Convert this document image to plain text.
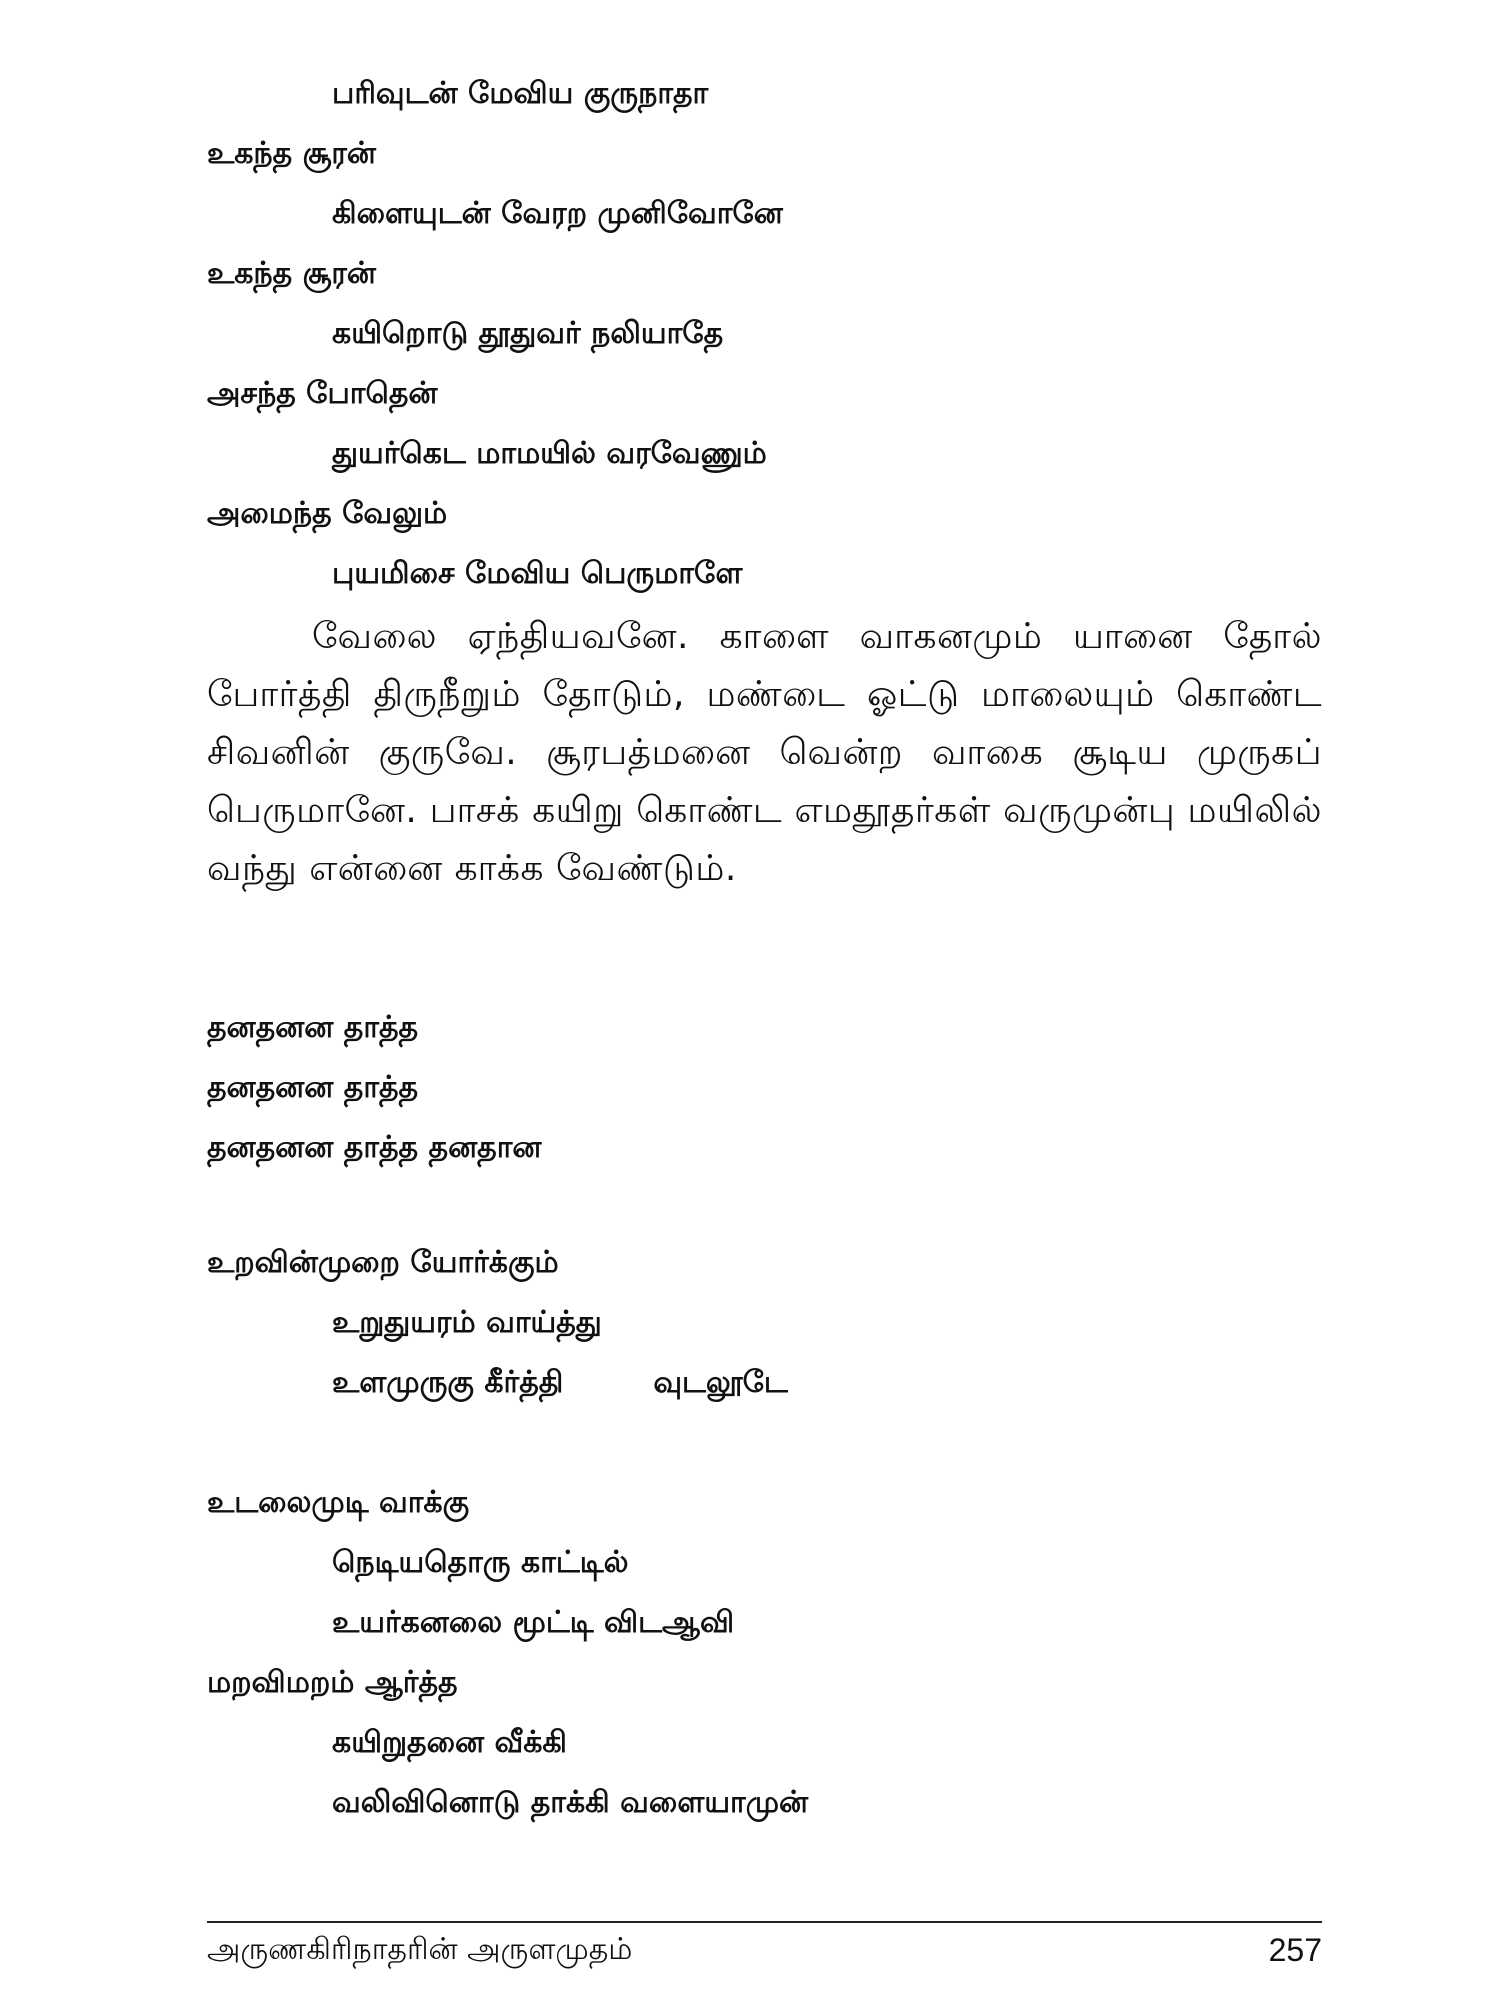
பரிவுடன் மேவிய குருநாதா
உகந்த சூரன்
கிளையுடன் வேரற முனிவோனே
உகந்த சூரன்
கயிறொடு தூதுவர் நலியாதே
அசந்த போதென்
துயர்கெட மாமயில் வரவேணும்
அமைந்த வேலும்
புயமிசை மேவிய பெருமாளே
வேலை ஏந்தியவனே. காளை வாகனமும் யானை தோல் போர்த்தி திருநீறும் தோடும், மண்டை ஓட்டு மாலையும் கொண்ட சிவனின் குருவே. சூரபத்மனை வென்ற வாகை சூடிய முருகப் பெருமானே. பாசக் கயிறு கொண்ட எமதூதர்கள் வருமுன்பு மயிலில் வந்து என்னை காக்க வேண்டும்.
தனதனன தாத்த
தனதனன தாத்த
தனதனன தாத்த தனதான
உறவின்முறை யோர்க்கும்
உறுதுயரம் வாய்த்து
உளமுருகு கீர்த்தி	வுடலூடே
உடலைமுடி வாக்கு
நெடியதொரு காட்டில்
உயர்கனலை மூட்டி விடஆவி
மறவிமறம் ஆர்த்த
கயிறுதனை வீக்கி
வலிவினொடு தாக்கி வளையாமுன்
அருணகிரிநாதரின் அருளமுதம்	257
